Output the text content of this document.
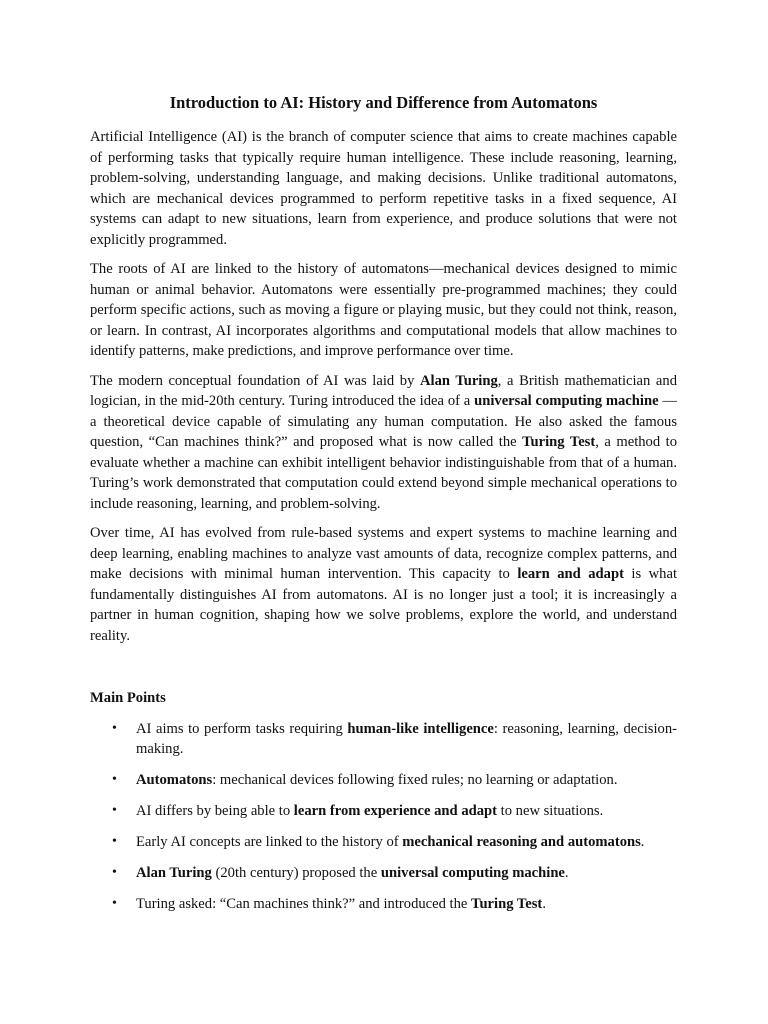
Introduction to AI: History and Difference from Automatons

Artificial Intelligence (AI) is the branch of computer science that aims to create machines capable of performing tasks that typically require human intelligence. These include reasoning, learning, problem-solving, understanding language, and making decisions. Unlike traditional automatons, which are mechanical devices programmed to perform repetitive tasks in a fixed sequence, AI systems can adapt to new situations, learn from experience, and produce solutions that were not explicitly programmed.

The roots of AI are linked to the history of automatons—mechanical devices designed to mimic human or animal behavior. Automatons were essentially pre-programmed machines; they could perform specific actions, such as moving a figure or playing music, but they could not think, reason, or learn. In contrast, AI incorporates algorithms and computational models that allow machines to identify patterns, make predictions, and improve performance over time.

The modern conceptual foundation of AI was laid by Alan Turing, a British mathematician and logician, in the mid-20th century. Turing introduced the idea of a universal computing machine —a theoretical device capable of simulating any human computation. He also asked the famous question, “Can machines think?” and proposed what is now called the Turing Test, a method to evaluate whether a machine can exhibit intelligent behavior indistinguishable from that of a human. Turing’s work demonstrated that computation could extend beyond simple mechanical operations to include reasoning, learning, and problem-solving.

Over time, AI has evolved from rule-based systems and expert systems to machine learning and deep learning, enabling machines to analyze vast amounts of data, recognize complex patterns, and make decisions with minimal human intervention. This capacity to learn and adapt is what fundamentally distinguishes AI from automatons. AI is no longer just a tool; it is increasingly a partner in human cognition, shaping how we solve problems, explore the world, and understand reality.

Main Points
• AI aims to perform tasks requiring human-like intelligence: reasoning, learning, decision-making.
• Automatons: mechanical devices following fixed rules; no learning or adaptation.
• AI differs by being able to learn from experience and adapt to new situations.
• Early AI concepts are linked to the history of mechanical reasoning and automatons.
• Alan Turing (20th century) proposed the universal computing machine.
• Turing asked: “Can machines think?” and introduced the Turing Test.
